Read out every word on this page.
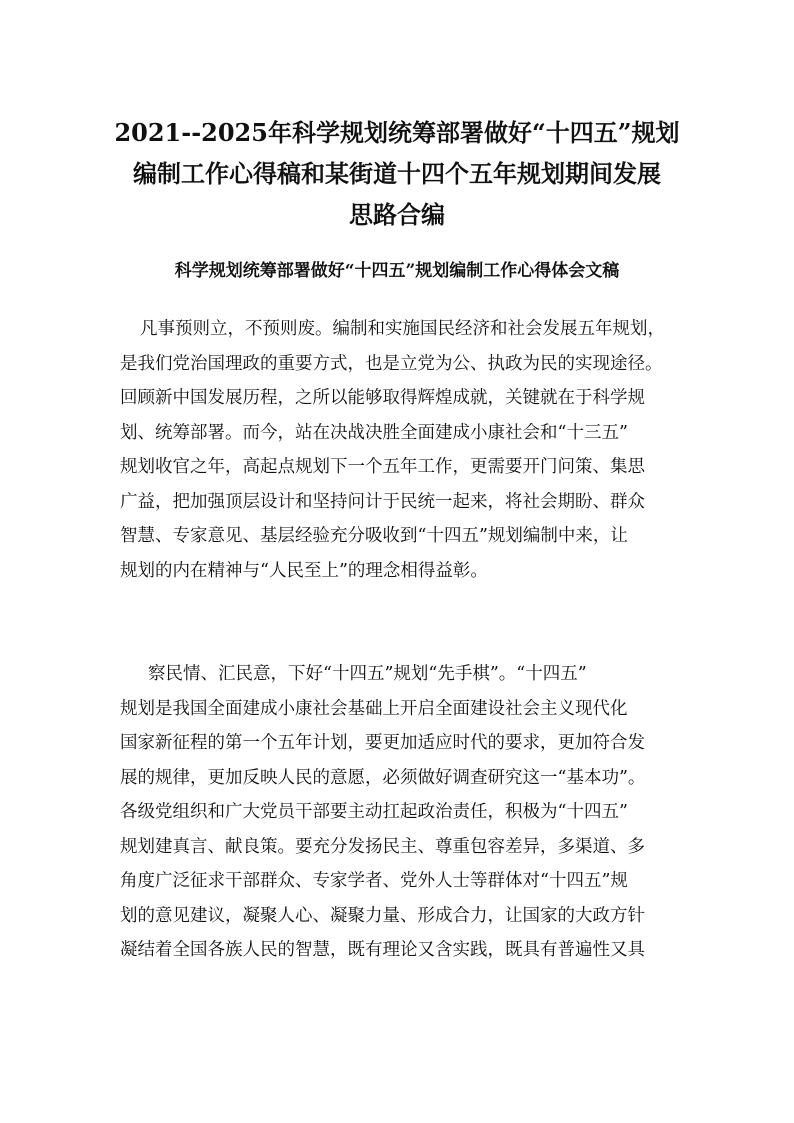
2021--2025年科学规划统筹部署做好“十四五”规划
编制工作心得稿和某街道十四个五年规划期间发展
思路合编
科学规划统筹部署做好“十四五”规划编制工作心得体会文稿
凡事预则立，不预则废。编制和实施国民经济和社会发展五年规划，
是我们党治国理政的重要方式，也是立党为公、执政为民的实现途径。
回顾新中国发展历程，之所以能够取得辉煌成就，关键就在于科学规
划、统筹部署。而今，站在决战决胜全面建成小康社会和“十三五”
规划收官之年，高起点规划下一个五年工作，更需要开门问策、集思
广益，把加强顶层设计和坚持问计于民统一起来，将社会期盼、群众
智慧、专家意见、基层经验充分吸收到“十四五”规划编制中来，让
规划的内在精神与“人民至上”的理念相得益彰。
察民情、汇民意，下好“十四五”规划“先手棋”。“十四五”
规划是我国全面建成小康社会基础上开启全面建设社会主义现代化
国家新征程的第一个五年计划，要更加适应时代的要求，更加符合发
展的规律，更加反映人民的意愿，必须做好调查研究这一“基本功”。
各级党组织和广大党员干部要主动扛起政治责任，积极为“十四五”
规划建真言、献良策。要充分发扬民主、尊重包容差异，多渠道、多
角度广泛征求干部群众、专家学者、党外人士等群体对“十四五”规
划的意见建议，凝聚人心、凝聚力量、形成合力，让国家的大政方针
凝结着全国各族人民的智慧，既有理论又含实践，既具有普遍性又具
